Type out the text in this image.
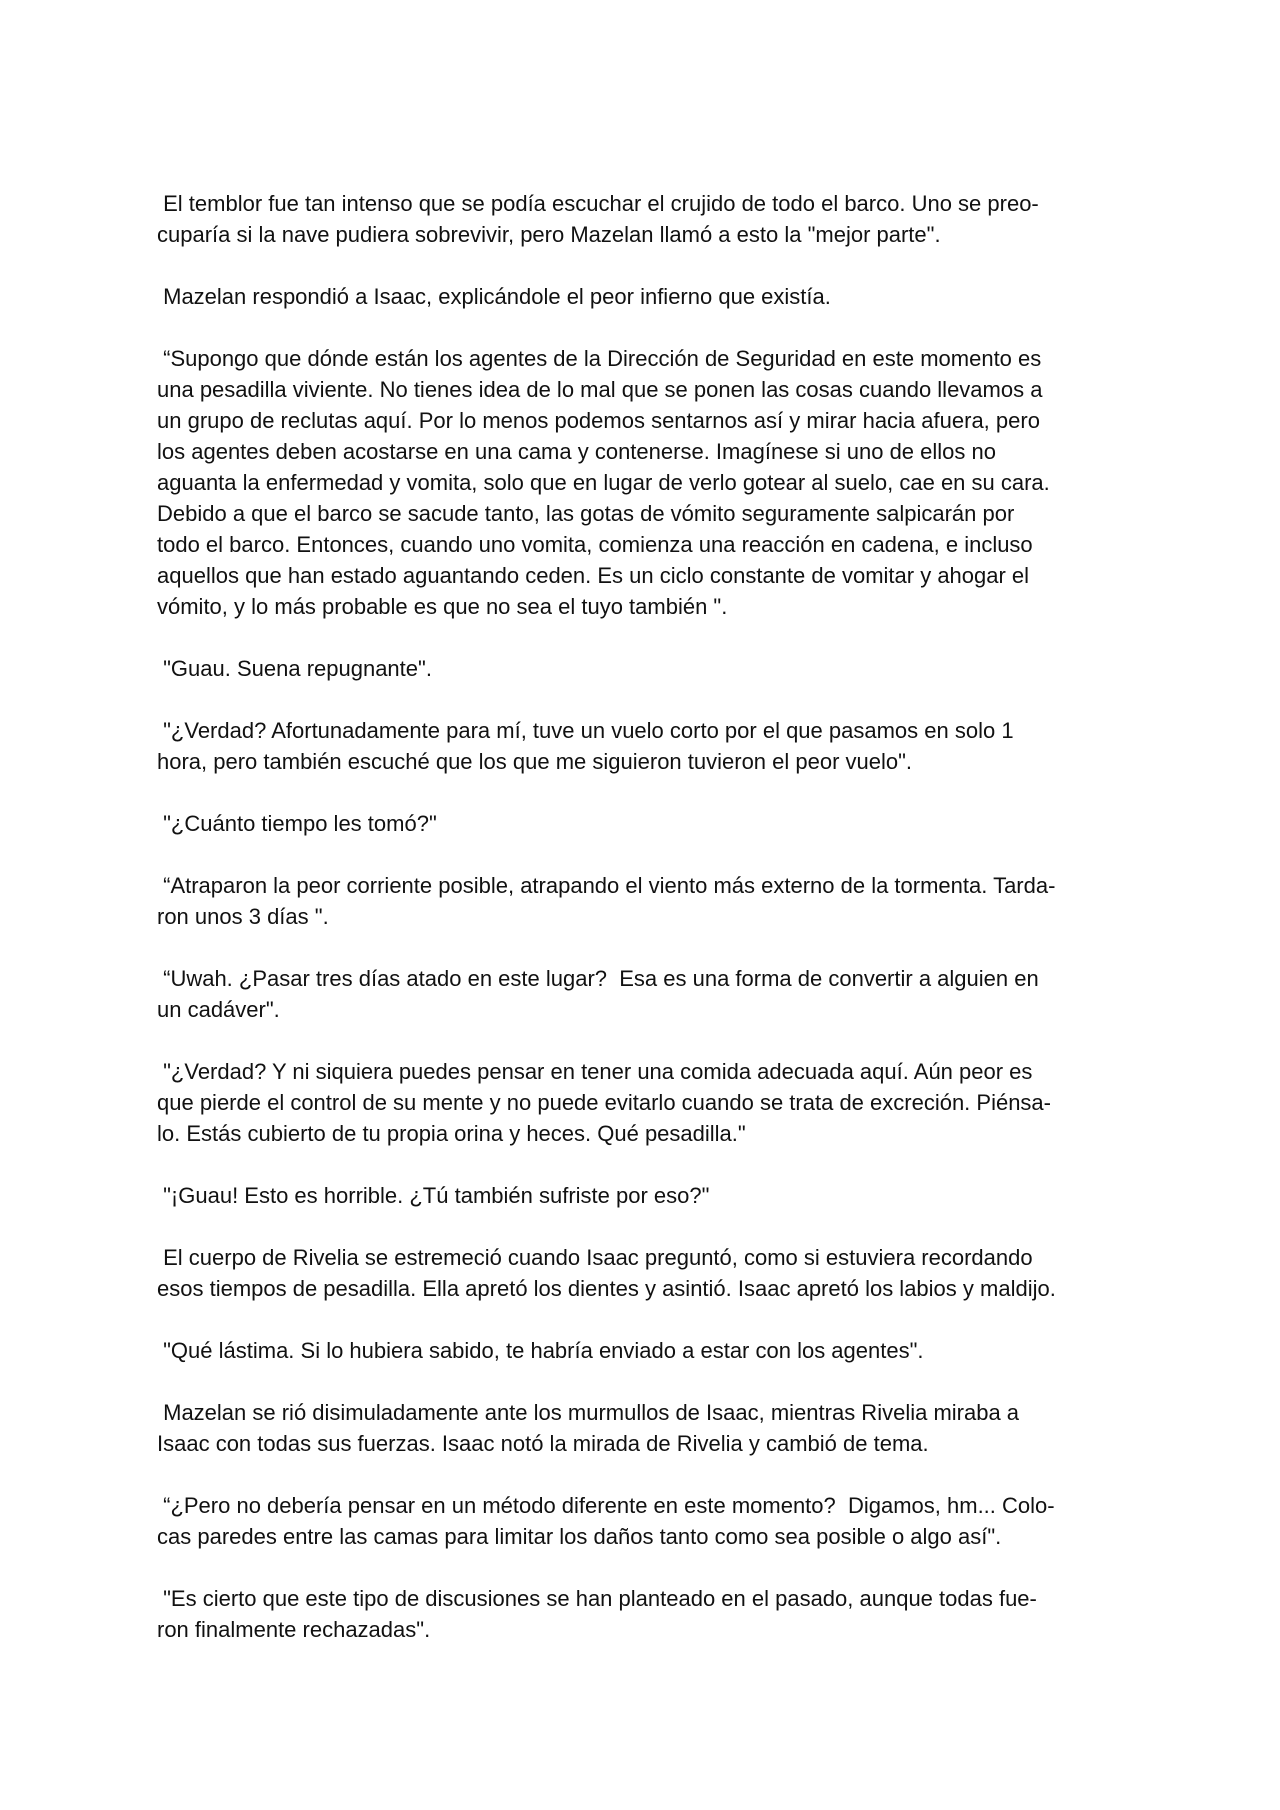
El temblor fue tan intenso que se podía escuchar el crujido de todo el barco. Uno se preo-
cuparía si la nave pudiera sobrevivir, pero Mazelan llamó a esto la "mejor parte".

Mazelan respondió a Isaac, explicándole el peor infierno que existía.

“Supongo que dónde están los agentes de la Dirección de Seguridad en este momento es
una pesadilla viviente. No tienes idea de lo mal que se ponen las cosas cuando llevamos a
un grupo de reclutas aquí. Por lo menos podemos sentarnos así y mirar hacia afuera, pero
los agentes deben acostarse en una cama y contenerse. Imagínese si uno de ellos no
aguanta la enfermedad y vomita, solo que en lugar de verlo gotear al suelo, cae en su cara.
Debido a que el barco se sacude tanto, las gotas de vómito seguramente salpicarán por
todo el barco. Entonces, cuando uno vomita, comienza una reacción en cadena, e incluso
aquellos que han estado aguantando ceden. Es un ciclo constante de vomitar y ahogar el
vómito, y lo más probable es que no sea el tuyo también ".

"Guau. Suena repugnante".

"¿Verdad? Afortunadamente para mí, tuve un vuelo corto por el que pasamos en solo 1
hora, pero también escuché que los que me siguieron tuvieron el peor vuelo".

"¿Cuánto tiempo les tomó?"

“Atraparon la peor corriente posible, atrapando el viento más externo de la tormenta. Tarda-
ron unos 3 días ".

“Uwah. ¿Pasar tres días atado en este lugar?  Esa es una forma de convertir a alguien en
un cadáver".

"¿Verdad? Y ni siquiera puedes pensar en tener una comida adecuada aquí. Aún peor es
que pierde el control de su mente y no puede evitarlo cuando se trata de excreción. Piénsa-
lo. Estás cubierto de tu propia orina y heces. Qué pesadilla."

"¡Guau! Esto es horrible. ¿Tú también sufriste por eso?"

El cuerpo de Rivelia se estremeció cuando Isaac preguntó, como si estuviera recordando
esos tiempos de pesadilla. Ella apretó los dientes y asintió. Isaac apretó los labios y maldijo.

"Qué lástima. Si lo hubiera sabido, te habría enviado a estar con los agentes".

Mazelan se rió disimuladamente ante los murmullos de Isaac, mientras Rivelia miraba a
Isaac con todas sus fuerzas. Isaac notó la mirada de Rivelia y cambió de tema.

“¿Pero no debería pensar en un método diferente en este momento?  Digamos, hm... Colo-
cas paredes entre las camas para limitar los daños tanto como sea posible o algo así".

"Es cierto que este tipo de discusiones se han planteado en el pasado, aunque todas fue-
ron finalmente rechazadas".
